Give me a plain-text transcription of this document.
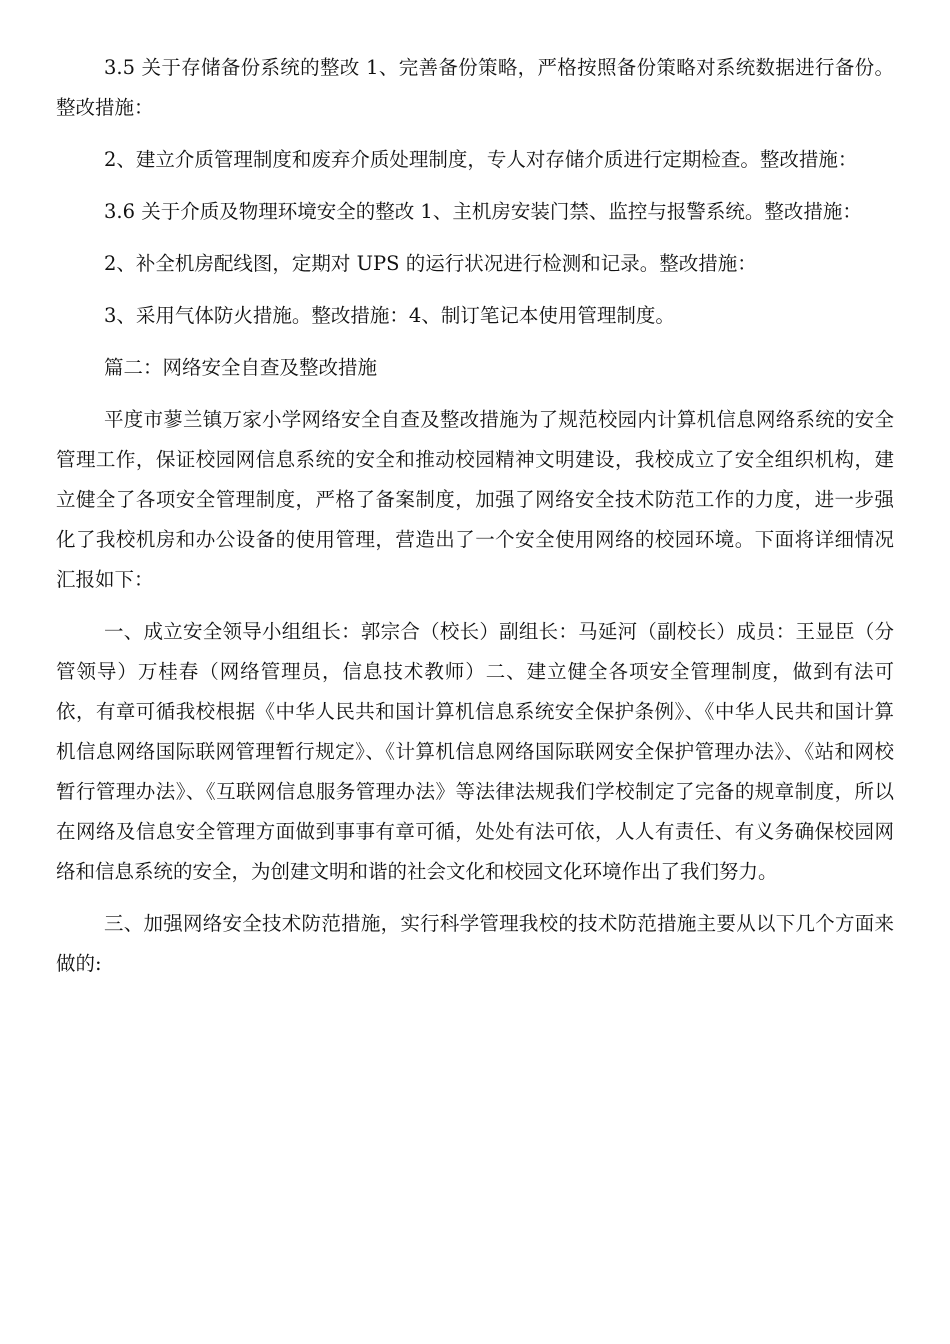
3.5 关于存储备份系统的整改 1、完善备份策略，严格按照备份策略对系统数据进行备份。整改措施：

2、建立介质管理制度和废弃介质处理制度，专人对存储介质进行定期检查。整改措施：

3.6 关于介质及物理环境安全的整改 1、主机房安装门禁、监控与报警系统。整改措施：

2、补全机房配线图，定期对 UPS 的运行状况进行检测和记录。整改措施：

3、采用气体防火措施。整改措施：4、制订笔记本使用管理制度。

篇二：网络安全自查及整改措施

平度市蓼兰镇万家小学网络安全自查及整改措施为了规范校园内计算机信息网络系统的安全管理工作，保证校园网信息系统的安全和推动校园精神文明建设，我校成立了安全组织机构，建立健全了各项安全管理制度，严格了备案制度，加强了网络安全技术防范工作的力度，进一步强化了我校机房和办公设备的使用管理，营造出了一个安全使用网络的校园环境。下面将详细情况汇报如下：

一、成立安全领导小组组长：郭宗合（校长）副组长：马延河（副校长）成员：王显臣（分管领导）万桂春（网络管理员，信息技术教师）二、建立健全各项安全管理制度，做到有法可依，有章可循我校根据《中华人民共和国计算机信息系统安全保护条例》、《中华人民共和国计算机信息网络国际联网管理暂行规定》、《计算机信息网络国际联网安全保护管理办法》、《站和网校暂行管理办法》、《互联网信息服务管理办法》等法律法规我们学校制定了完备的规章制度，所以在网络及信息安全管理方面做到事事有章可循，处处有法可依，人人有责任、有义务确保校园网络和信息系统的安全，为创建文明和谐的社会文化和校园文化环境作出了我们努力。

三、加强网络安全技术防范措施，实行科学管理我校的技术防范措施主要从以下几个方面来做的:
